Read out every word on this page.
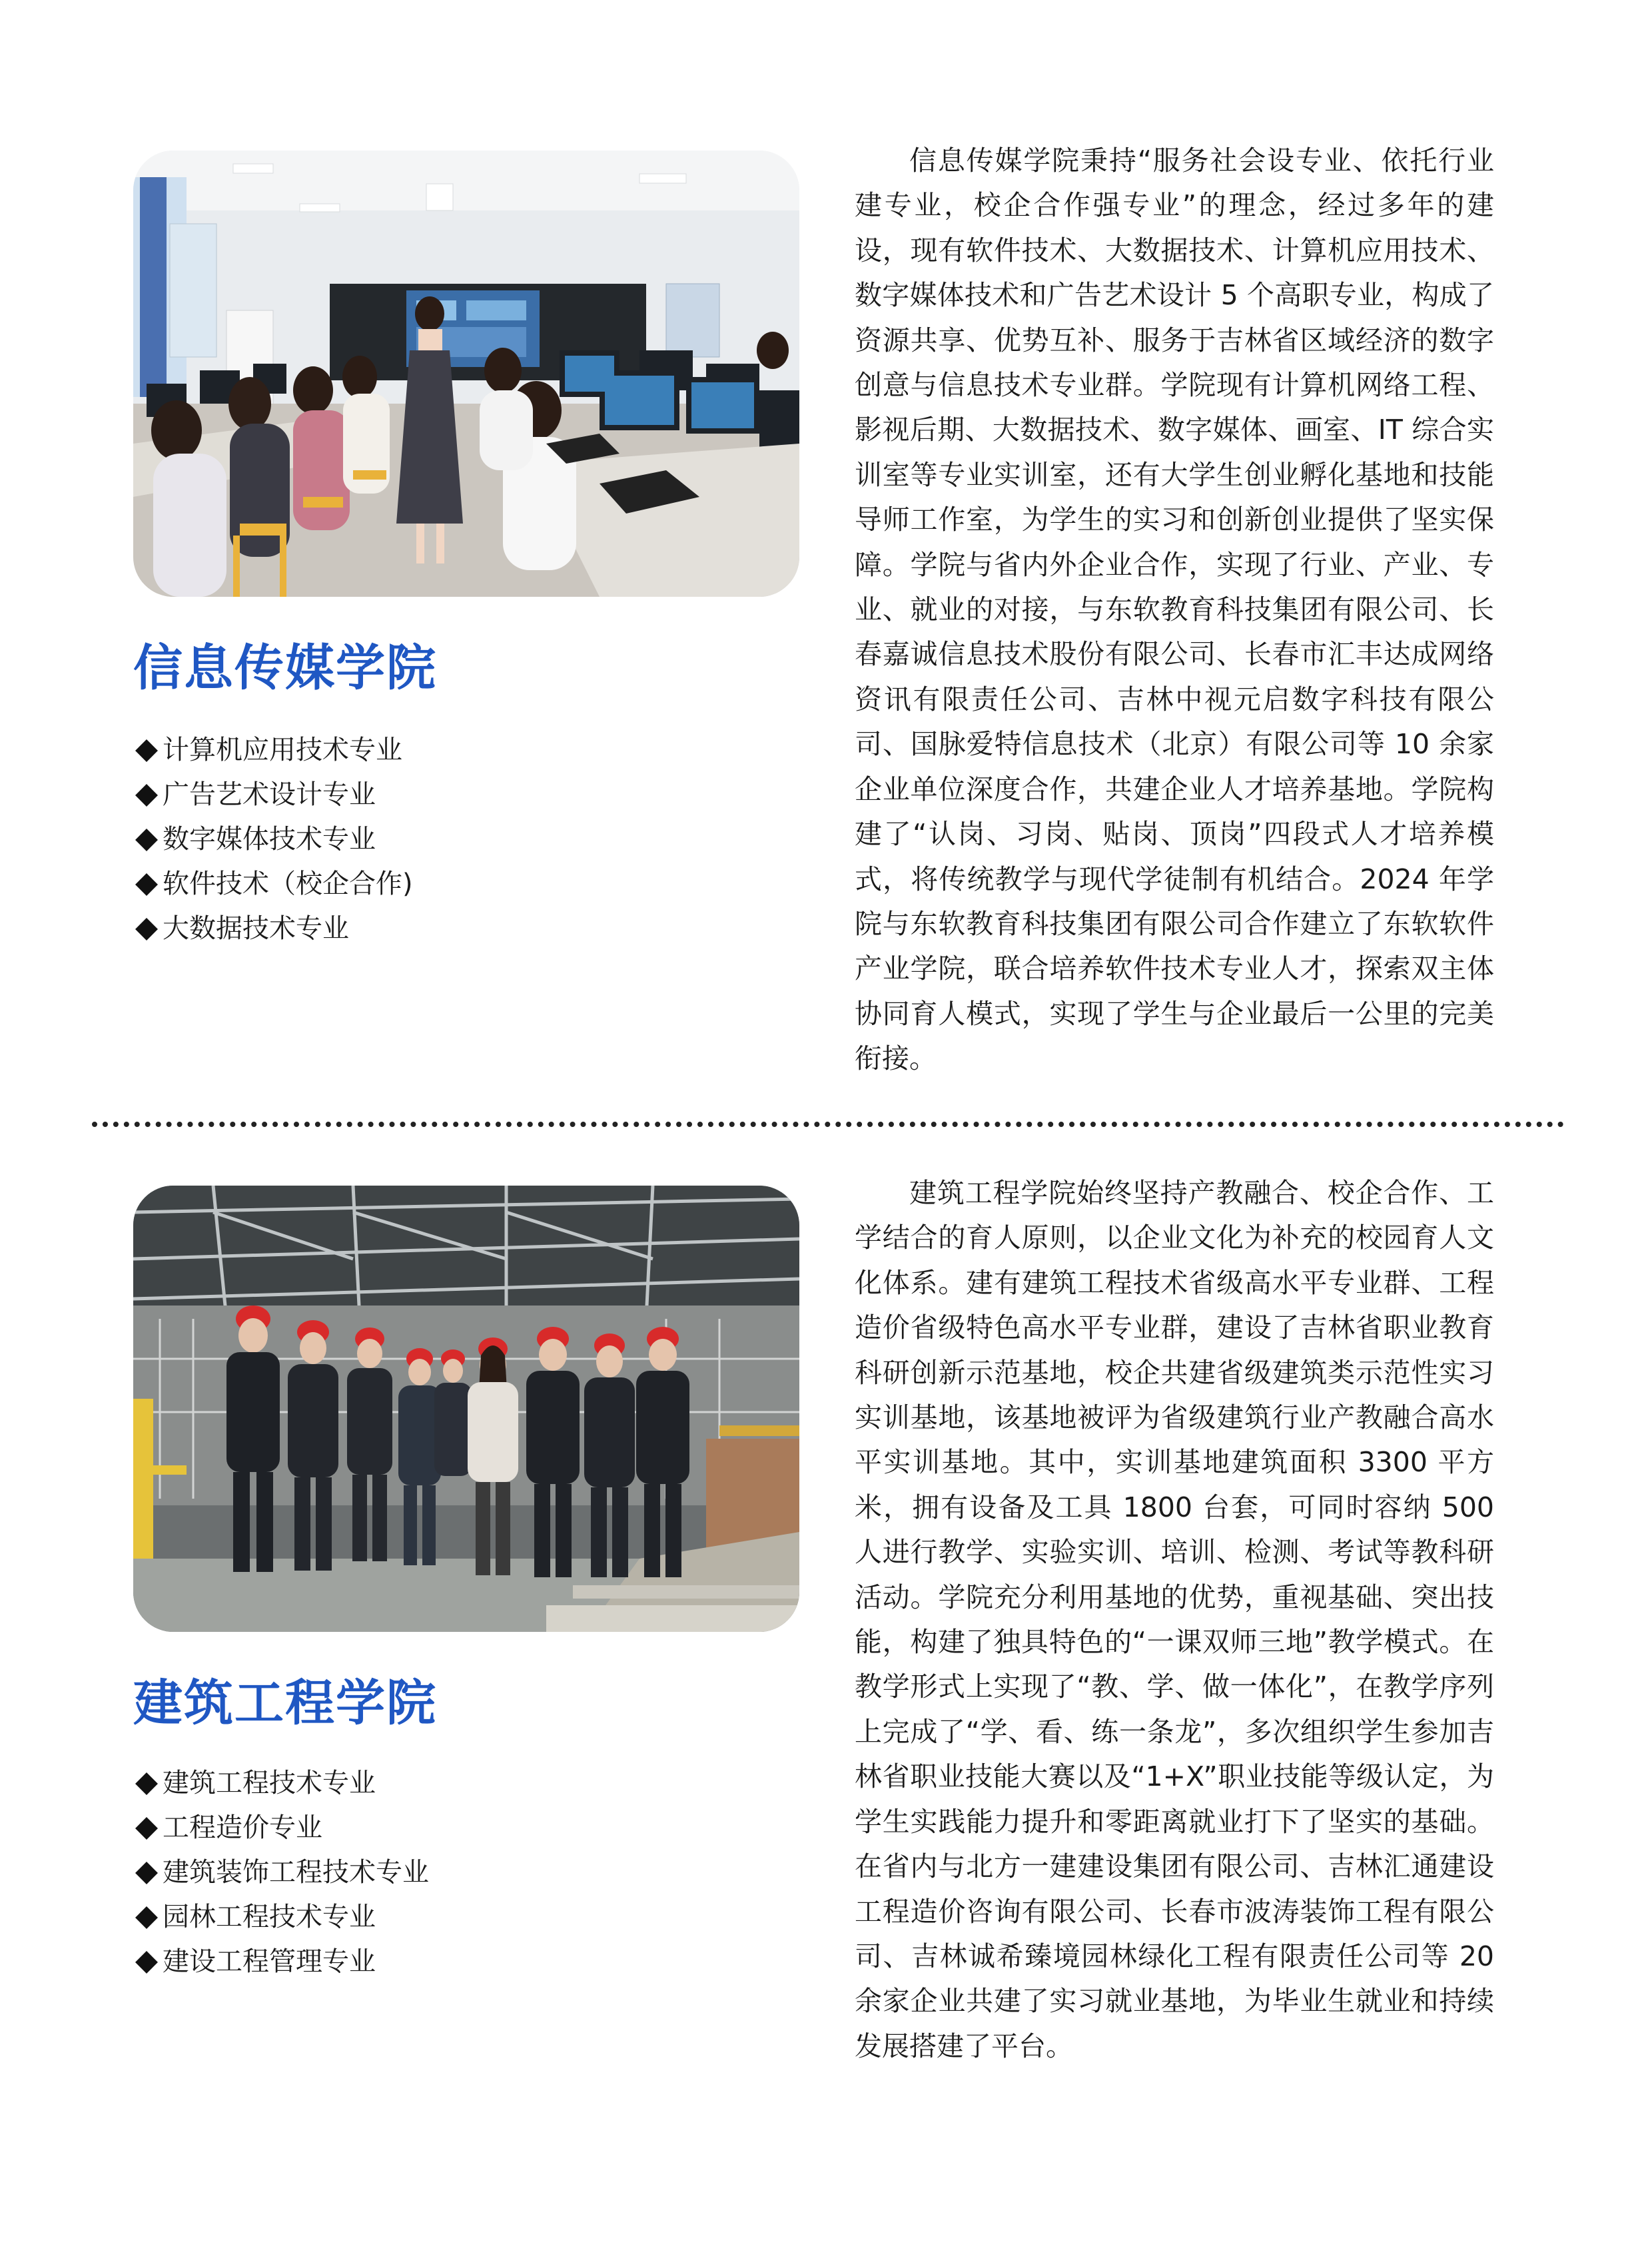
信息传媒学院
计算机应用技术专业
广告艺术设计专业
数字媒体技术专业
软件技术（校企合作)
大数据技术专业

信息传媒学院秉持“服务社会设专业、依托行业建专业，校企合作强专业”的理念，经过多年的建设，现有软件技术、大数据技术、计算机应用技术、数字媒体技术和广告艺术设计 5 个高职专业，构成了资源共享、优势互补、服务于吉林省区域经济的数字创意与信息技术专业群。学院现有计算机网络工程、影视后期、大数据技术、数字媒体、画室、IT 综合实训室等专业实训室，还有大学生创业孵化基地和技能导师工作室，为学生的实习和创新创业提供了坚实保障。学院与省内外企业合作，实现了行业、产业、专业、就业的对接，与东软教育科技集团有限公司、长春嘉诚信息技术股份有限公司、长春市汇丰达成网络资讯有限责任公司、吉林中视元启数字科技有限公司、国脉爱特信息技术（北京）有限公司等 10 余家企业单位深度合作，共建企业人才培养基地。学院构建了“认岗、习岗、贴岗、顶岗”四段式人才培养模式，将传统教学与现代学徒制有机结合。2024 年学院与东软教育科技集团有限公司合作建立了东软软件产业学院，联合培养软件技术专业人才，探索双主体协同育人模式，实现了学生与企业最后一公里的完美衔接。

建筑工程学院
建筑工程技术专业
工程造价专业
建筑装饰工程技术专业
园林工程技术专业
建设工程管理专业

建筑工程学院始终坚持产教融合、校企合作、工学结合的育人原则，以企业文化为补充的校园育人文化体系。建有建筑工程技术省级高水平专业群、工程造价省级特色高水平专业群，建设了吉林省职业教育科研创新示范基地，校企共建省级建筑类示范性实习实训基地，该基地被评为省级建筑行业产教融合高水平实训基地。其中，实训基地建筑面积 3300 平方米，拥有设备及工具 1800 台套，可同时容纳 500 人进行教学、实验实训、培训、检测、考试等教科研活动。学院充分利用基地的优势，重视基础、突出技能，构建了独具特色的“一课双师三地”教学模式。在教学形式上实现了“教、学、做一体化”，在教学序列上完成了“学、看、练一条龙”，多次组织学生参加吉林省职业技能大赛以及“1+X”职业技能等级认定，为学生实践能力提升和零距离就业打下了坚实的基础。在省内与北方一建建设集团有限公司、吉林汇通建设工程造价咨询有限公司、长春市波涛装饰工程有限公司、吉林诚希臻境园林绿化工程有限责任公司等 20 余家企业共建了实习就业基地，为毕业生就业和持续发展搭建了平台。
